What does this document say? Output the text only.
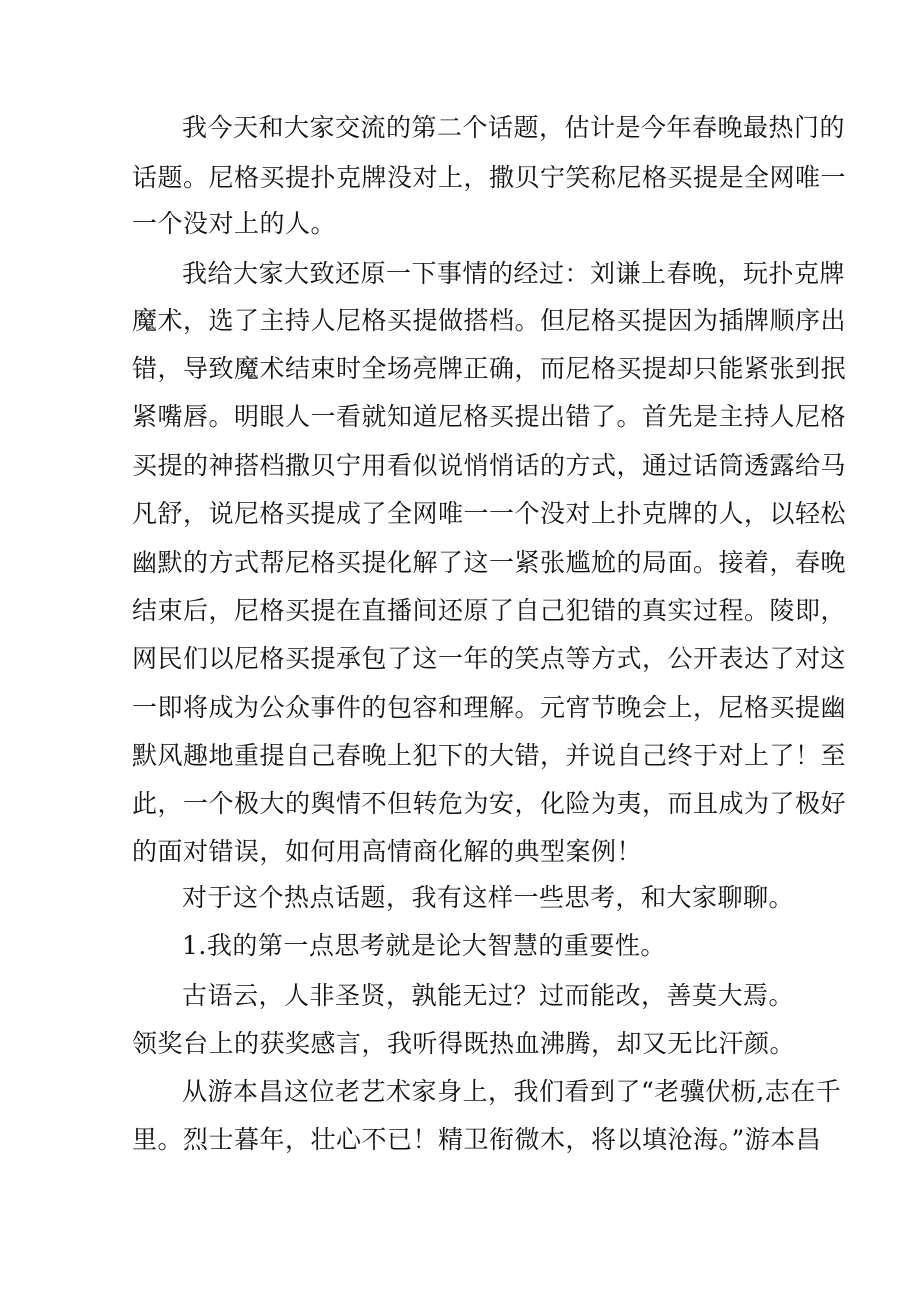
我今天和大家交流的第二个话题，估计是今年春晚最热门的
话题。尼格买提扑克牌没对上，撒贝宁笑称尼格买提是全网唯一
一个没对上的人。
我给大家大致还原一下事情的经过：刘谦上春晚，玩扑克牌
魔术，选了主持人尼格买提做搭档。但尼格买提因为插牌顺序出
错，导致魔术结束时全场亮牌正确，而尼格买提却只能紧张到抿
紧嘴唇。明眼人一看就知道尼格买提出错了。首先是主持人尼格
买提的神搭档撒贝宁用看似说悄悄话的方式，通过话筒透露给马
凡舒，说尼格买提成了全网唯一一个没对上扑克牌的人，以轻松
幽默的方式帮尼格买提化解了这一紧张尴尬的局面。接着，春晚
结束后，尼格买提在直播间还原了自己犯错的真实过程。陵即，
网民们以尼格买提承包了这一年的笑点等方式，公开表达了对这
一即将成为公众事件的包容和理解。元宵节晚会上，尼格买提幽
默风趣地重提自己春晚上犯下的大错，并说自己终于对上了！至
此，一个极大的舆情不但转危为安，化险为夷，而且成为了极好
的面对错误，如何用高情商化解的典型案例！
对于这个热点话题，我有这样一些思考，和大家聊聊。
1.我的第一点思考就是论大智慧的重要性。
古语云，人非圣贤，孰能无过？过而能改，善莫大焉。
领奖台上的获奖感言，我听得既热血沸腾，却又无比汗颜。
从游本昌这位老艺术家身上，我们看到了“老骥伏枥,志在千
里。烈士暮年，壮心不已！精卫衔微木，将以填沧海。”游本昌
